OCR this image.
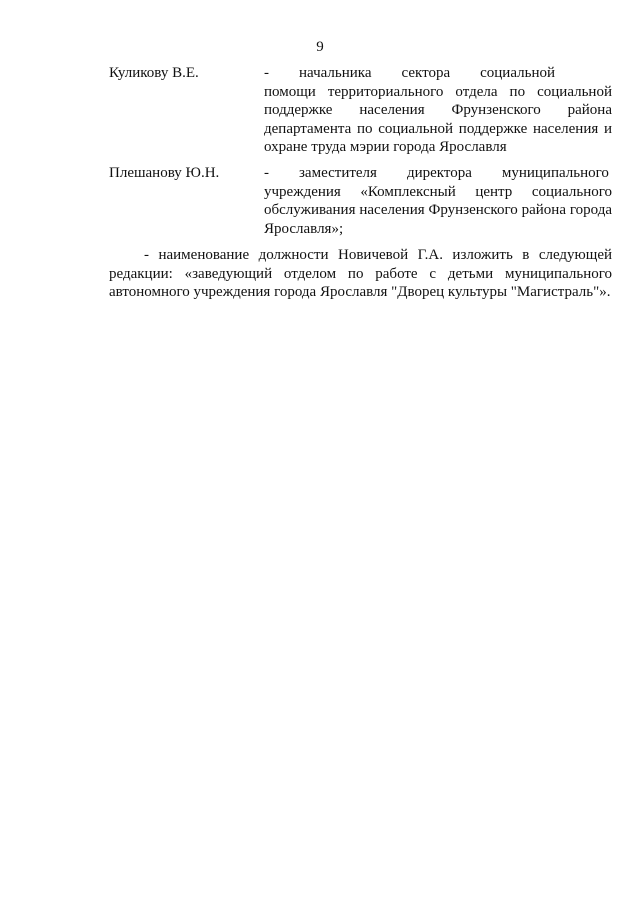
9
Куликову В.Е.	-  начальника  сектора  социальной  помощи территориального отдела по социальной поддержке населения Фрунзенского района департамента по социальной поддержке населения и охране труда мэрии города Ярославля
Плешанову Ю.Н.	-  заместителя  директора  муниципального учреждения «Комплексный центр социального обслуживания населения Фрунзенского района города Ярославля»;
- наименование должности Новичевой Г.А. изложить в следующей редакции: «заведующий отделом по работе с детьми муниципального автономного учреждения города Ярославля "Дворец культуры "Магистраль"».
